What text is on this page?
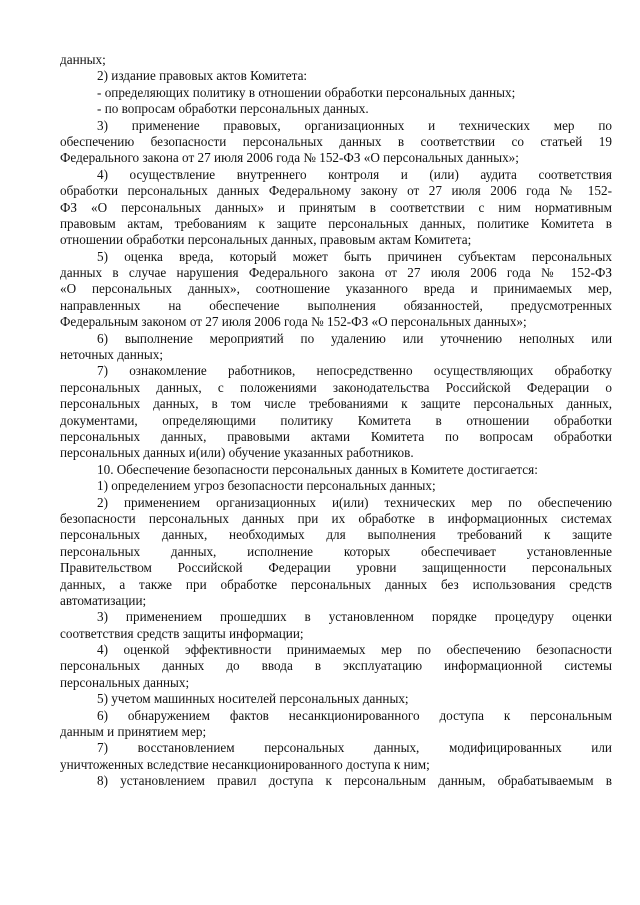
данных;
2) издание правовых актов Комитета:
- определяющих политику в отношении обработки персональных данных;
- по вопросам обработки персональных данных.
3) применение правовых, организационных и технических мер по
обеспечению безопасности персональных данных в соответствии со статьей 19
Федерального закона от 27 июля 2006 года № 152-ФЗ «О персональных данных»;
4) осуществление внутреннего контроля и (или) аудита соответствия
обработки персональных данных Федеральному закону от 27 июля 2006 года № 152-
ФЗ «О персональных данных» и принятым в соответствии с ним нормативным
правовым актам, требованиям к защите персональных данных, политике Комитета в
отношении обработки персональных данных, правовым актам Комитета;
5) оценка вреда, который может быть причинен субъектам персональных
данных в случае нарушения Федерального закона от 27 июля 2006 года № 152-ФЗ
«О персональных данных», соотношение указанного вреда и принимаемых мер,
направленных на обеспечение выполнения обязанностей, предусмотренных
Федеральным законом от 27 июля 2006 года № 152-ФЗ «О персональных данных»;
6) выполнение мероприятий по удалению или уточнению неполных или
неточных данных;
7) ознакомление работников, непосредственно осуществляющих обработку
персональных данных, с положениями законодательства Российской Федерации о
персональных данных, в том числе требованиями к защите персональных данных,
документами, определяющими политику Комитета в отношении обработки
персональных данных, правовыми актами Комитета по вопросам обработки
персональных данных и(или) обучение указанных работников.
10. Обеспечение безопасности персональных данных в Комитете достигается:
1) определением угроз безопасности персональных данных;
2) применением организационных и(или) технических мер по обеспечению
безопасности персональных данных при их обработке в информационных системах
персональных данных, необходимых для выполнения требований к защите
персональных данных, исполнение которых обеспечивает установленные
Правительством Российской Федерации уровни защищенности персональных
данных, а также при обработке персональных данных без использования средств
автоматизации;
3) применением прошедших в установленном порядке процедуру оценки
соответствия средств защиты информации;
4) оценкой эффективности принимаемых мер по обеспечению безопасности
персональных данных до ввода в эксплуатацию информационной системы
персональных данных;
5) учетом машинных носителей персональных данных;
6) обнаружением фактов несанкционированного доступа к персональным
данным и принятием мер;
7) восстановлением персональных данных, модифицированных или
уничтоженных вследствие несанкционированного доступа к ним;
8) установлением правил доступа к персональным данным, обрабатываемым в
